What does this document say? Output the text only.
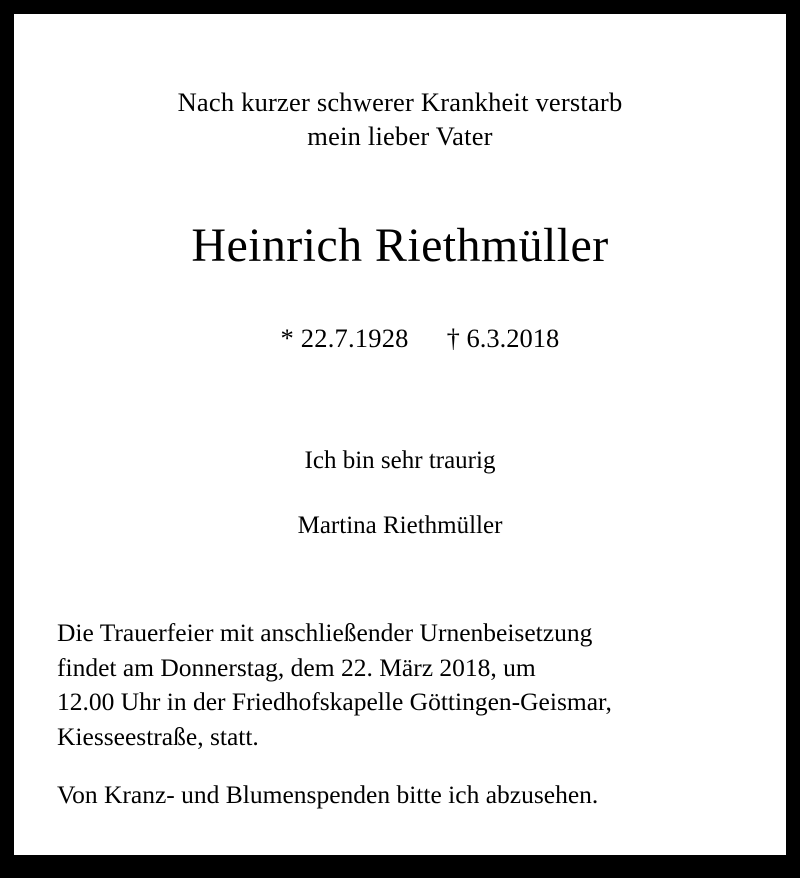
Nach kurzer schwerer Krankheit verstarb
mein lieber Vater
Heinrich Riethmüller

* 22.7.1928 † 6.3.2018

Ich bin sehr traurig
Martina Riethmüller
Die Trauerfeier mit anschließender Urnenbeisetzung
findet am Donnerstag, dem 22. März 2018, um
12.00 Uhr in der Friedhofskapelle Göttingen-Geismar,
Kiesseestraße, statt.
Von Kranz- und Blumenspenden bitte ich abzusehen.
Ilse Bestattungen, Bäckergasse 1a, 37083 Göttingen
